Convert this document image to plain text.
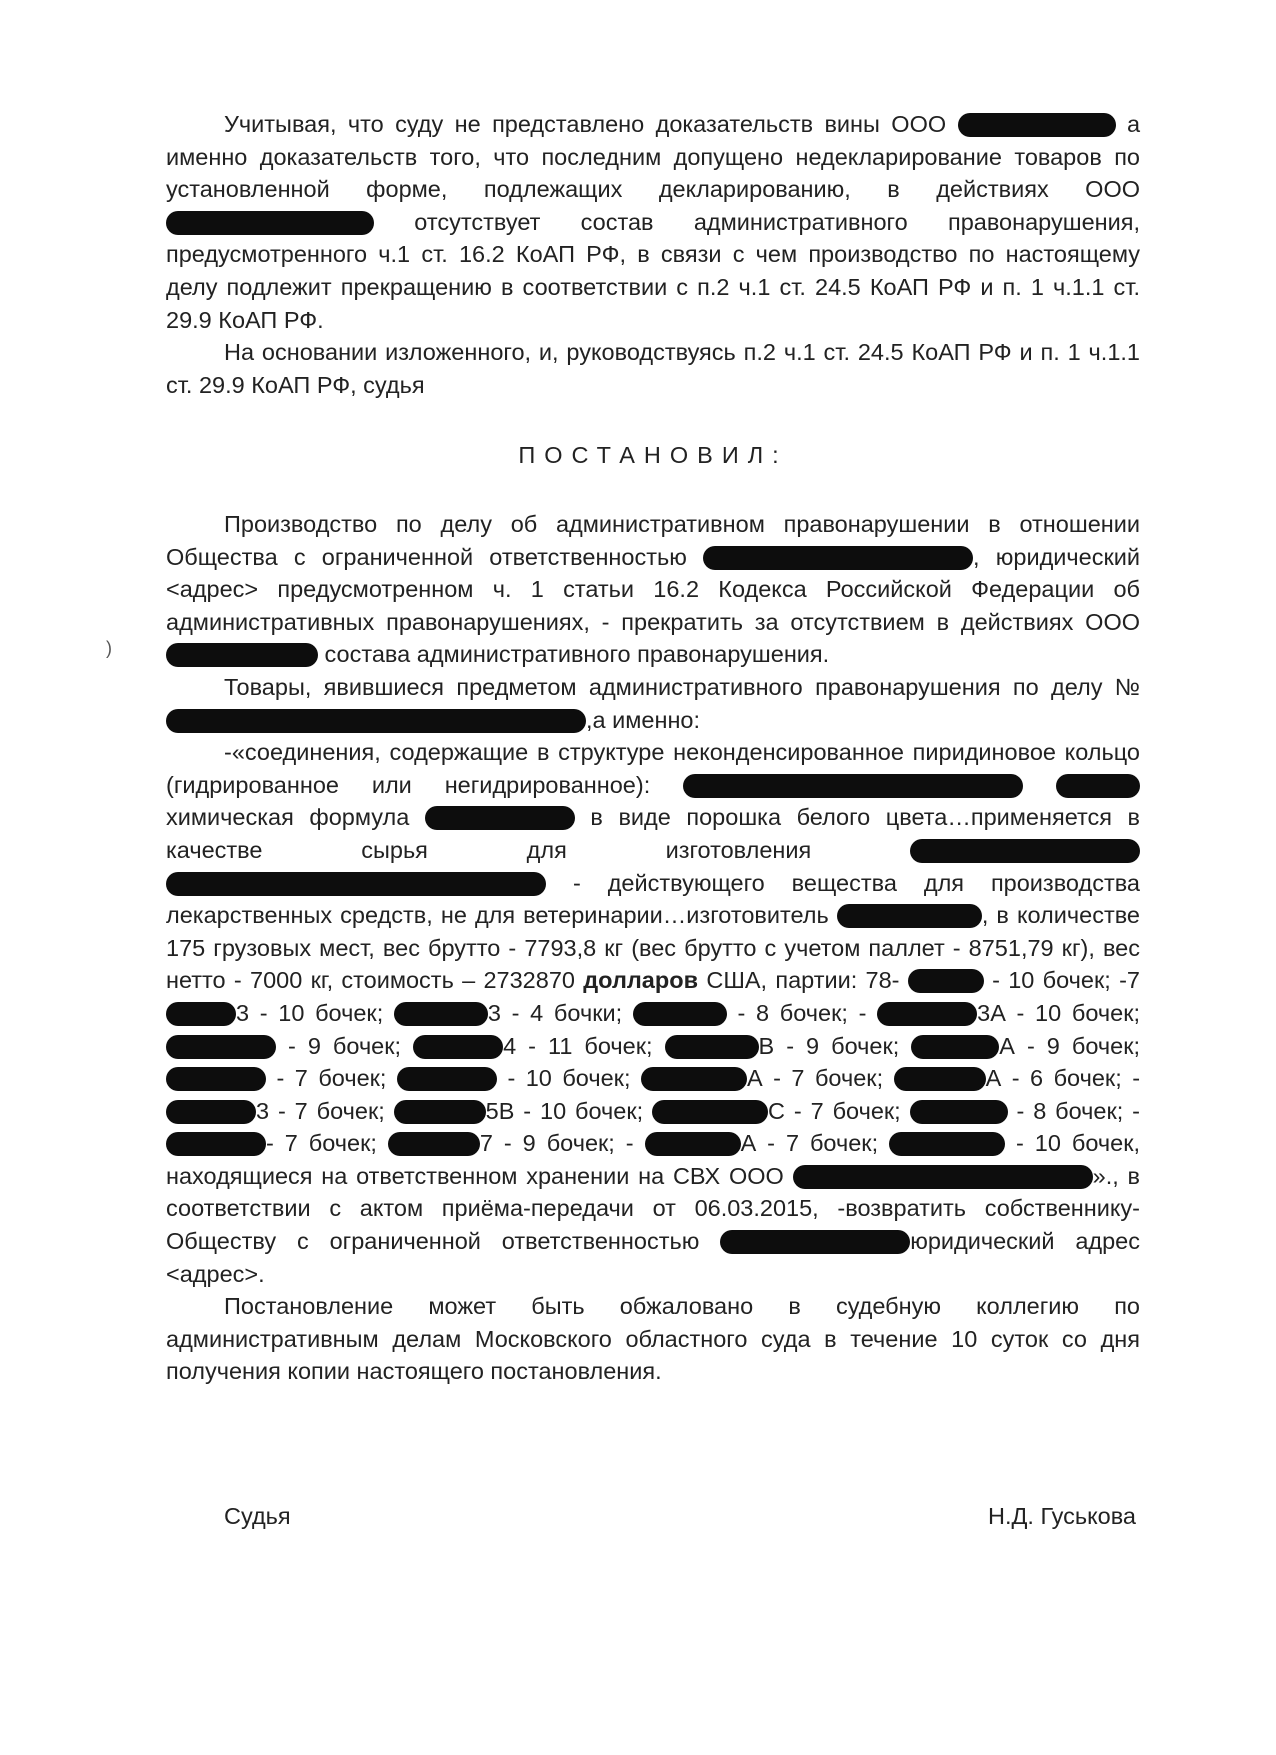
Учитывая, что суду не представлено доказательств вины ООО	а именно доказательств того, что последним допущено недекларирование товаров по установленной форме, подлежащих декларированию, в действиях ООО  отсутствует состав административного правонарушения, предусмотренного ч.1 ст. 16.2 КоАП РФ, в связи с чем производство по настоящему делу подлежит прекращению в соответствии с п.2 ч.1 ст. 24.5 КоАП РФ и п. 1 ч.1.1 ст. 29.9 КоАП РФ.

На основании изложенного, и, руководствуясь п.2 ч.1 ст. 24.5 КоАП РФ и п. 1 ч.1.1 ст. 29.9 КоАП РФ, судья

ПОСТАНОВИЛ:
)

Производство по делу об административном правонарушении в отношении Общества с ограниченной ответственностью	, юридический <адрес> предусмотренном ч. 1 статьи 16.2 Кодекса Российской Федерации об административных правонарушениях, - прекратить за отсутствием в действиях ООО  состава административного правонарушения.

Товары, явившиеся предметом административного правонарушения по делу № ,а именно:

-«соединения, содержащие в структуре неконденсированное пиридиновое кольцо (гидрированное или негидрированное):   химическая формула	в виде порошка белого цвета…применяется в качестве сырья для изготовления   - действующего вещества для производства лекарственных средств, не для ветеринарии…изготовитель	, в количестве 175 грузовых мест, вес брутто - 7793,8 кг (вес брутто с учетом паллет - 8751,79 кг), вес нетто - 7000 кг, стоимость – 2732870 долларов США, партии: 78-	- 10 бочек; -7 3 - 10 бочек;	3 - 4 бочки;	- 8 бочек; -	3А - 10 бочек;  - 9 бочек;	4 - 11 бочек;	В - 9 бочек;	А - 9 бочек;  - 7 бочек;	- 10 бочек;	А - 7 бочек;	А - 6 бочек; - 3 - 7 бочек;	5В - 10 бочек;	С - 7 бочек;	- 8 бочек; - - 7 бочек;	7 - 9 бочек; -	А - 7 бочек;	- 10 бочек, находящиеся на ответственном хранении на СВХ ООО	»., в соответствии с актом приёма-передачи от 06.03.2015, -возвратить собственнику- Обществу с ограниченной ответственностью	юридический адрес <адрес>.

Постановление может быть обжаловано в судебную коллегию по административным делам Московского областного суда в течение 10 суток со дня получения копии настоящего постановления.

Судья	Н.Д. Гуськова
